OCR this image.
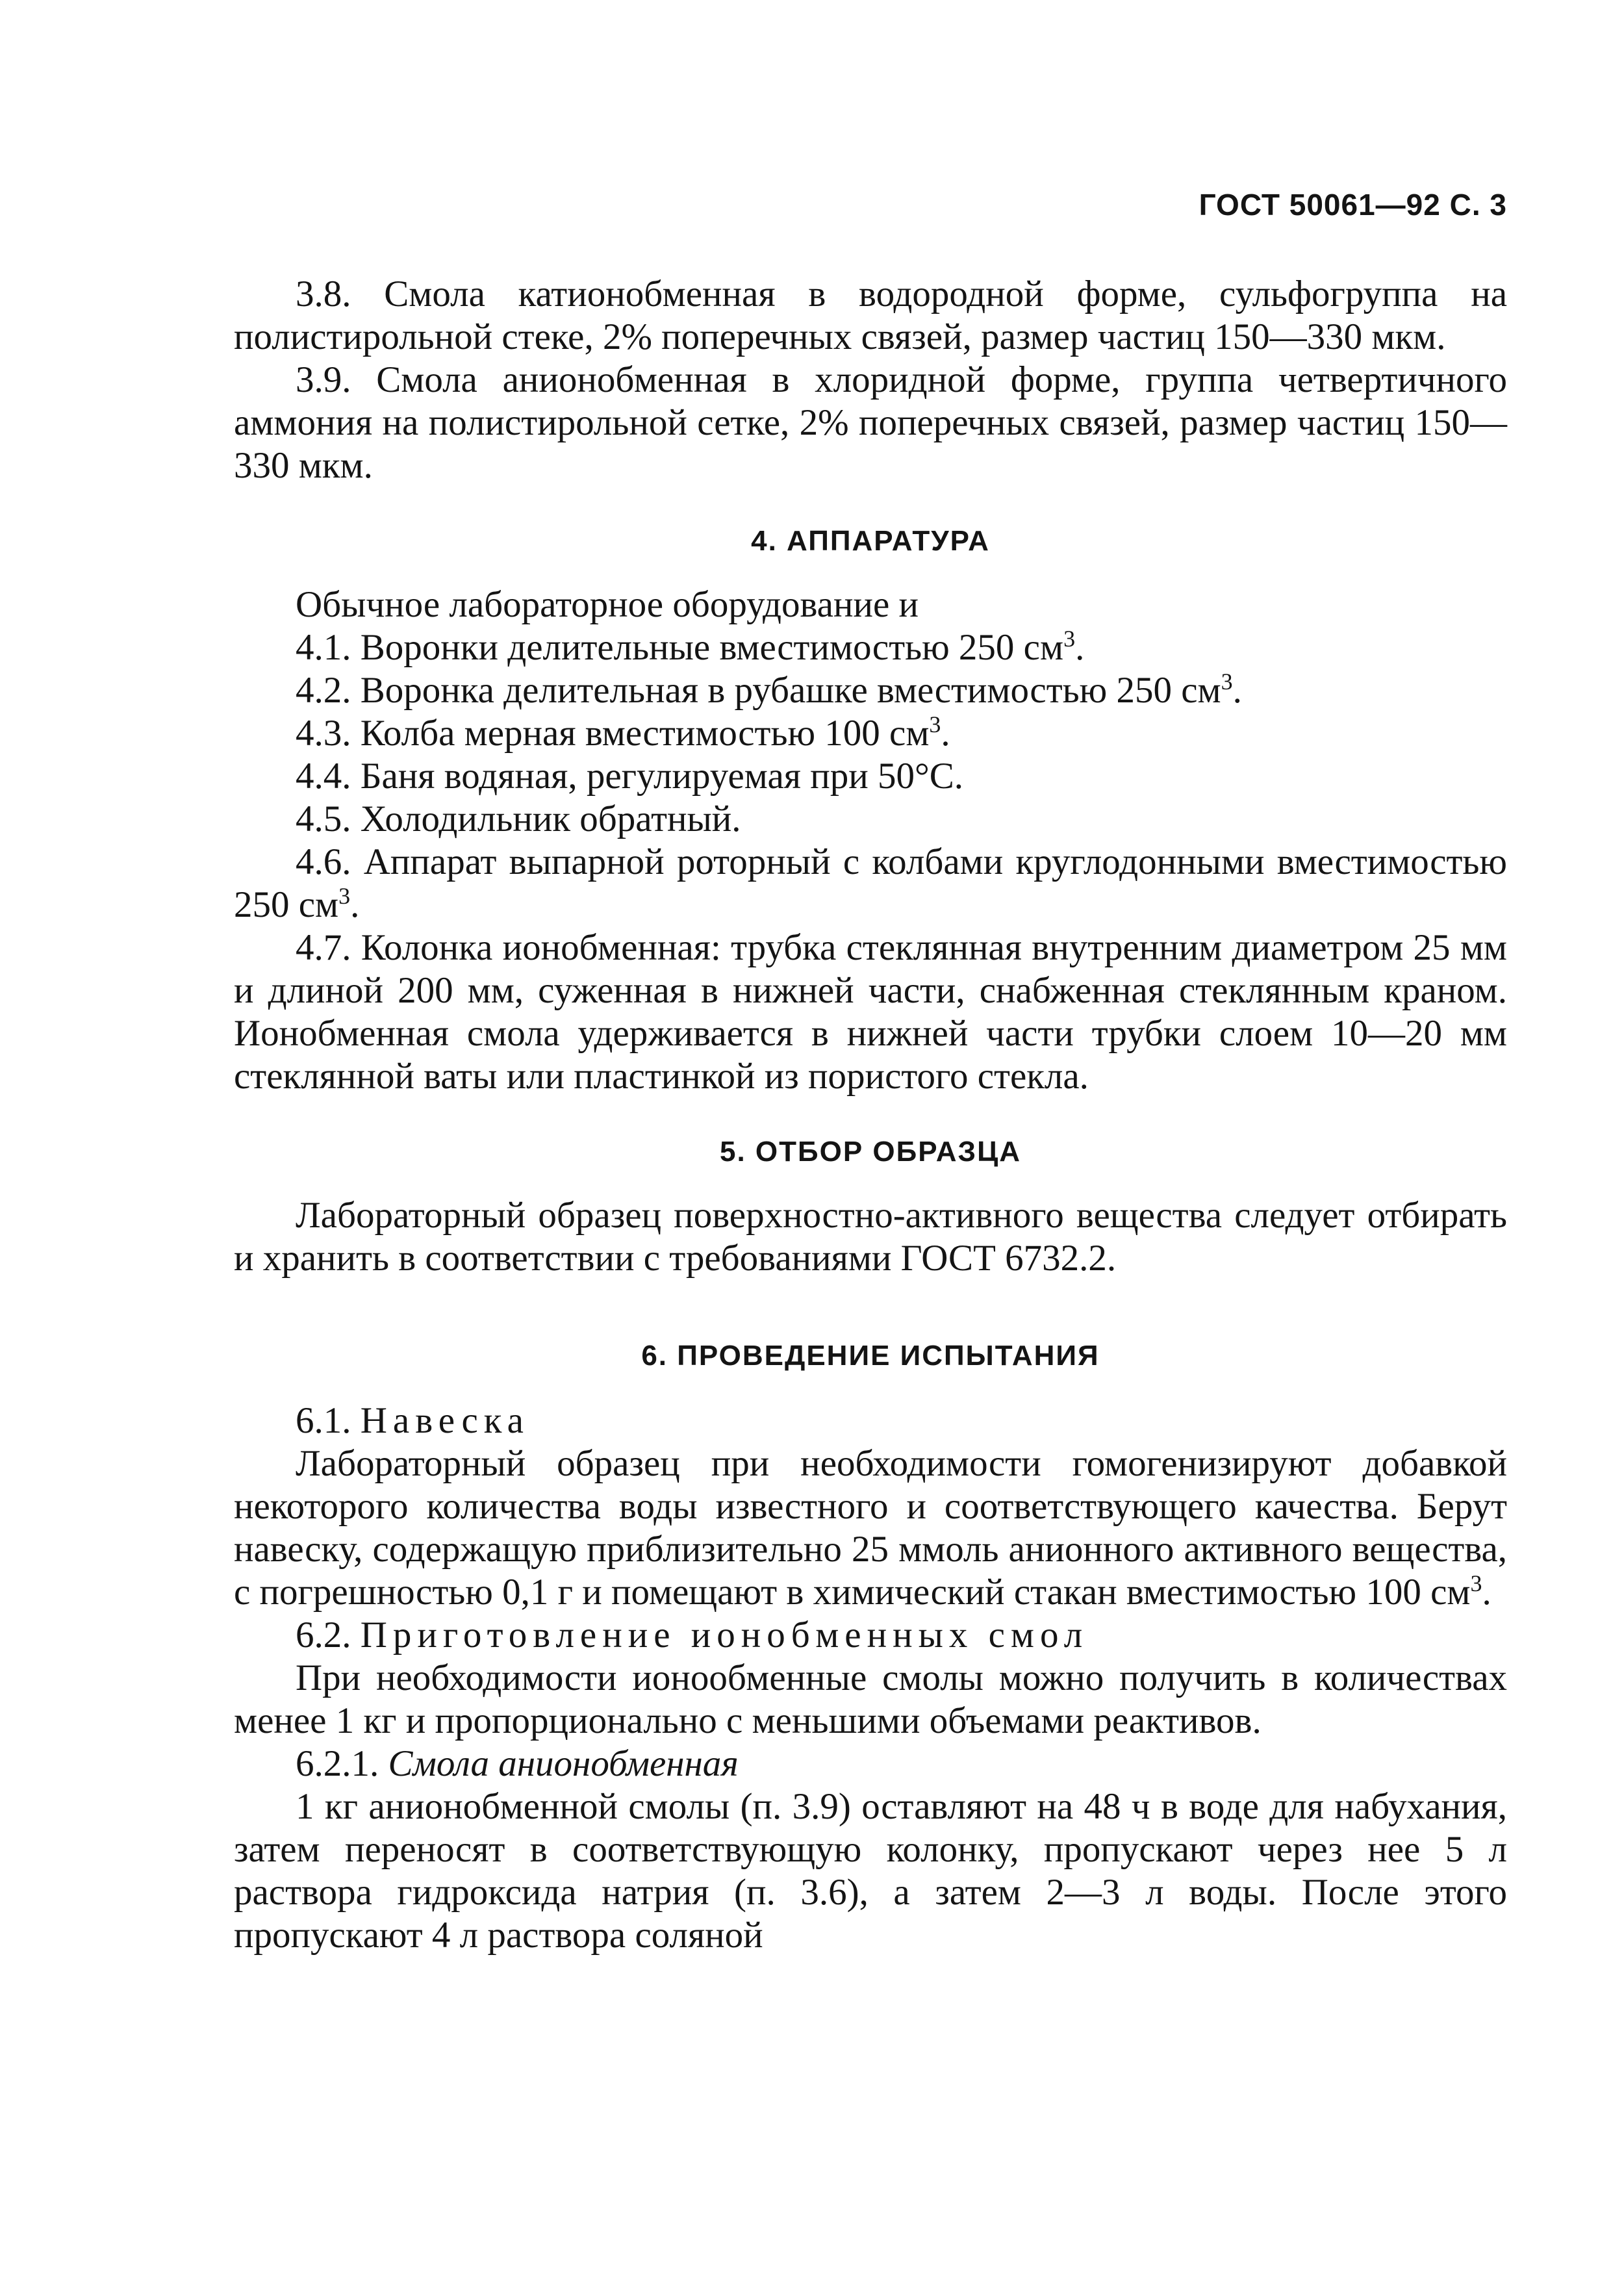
ГОСТ 50061—92 С. 3

3.8. Смола катионобменная в водородной форме, сульфогруппа на полистирольной стеке, 2% поперечных связей, размер частиц 150—330 мкм.

3.9. Смола анионобменная в хлоридной форме, группа четвертичного аммония на полистирольной сетке, 2% поперечных связей, размер частиц 150—330 мкм.

4. АППАРАТУРА

Обычное лабораторное оборудование и

4.1. Воронки делительные вместимостью 250 $см^3$.

4.2. Воронка делительная в рубашке вместимостью 250 $см^3$.

4.3. Колба мерная вместимостью 100 $см^3$.

4.4. Баня водяная, регулируемая при 50°С.

4.5. Холодильник обратный.

4.6. Аппарат выпарной роторный с колбами круглодонными вместимостью 250 $см^3$.

4.7. Колонка ионобменная: трубка стеклянная внутренним диаметром 25 мм и длиной 200 мм, суженная в нижней части, снабженная стеклянным краном. Ионобменная смола удерживается в нижней части трубки слоем 10—20 мм стеклянной ваты или пластинкой из пористого стекла.

5. ОТБОР ОБРАЗЦА

Лабораторный образец поверхностно-активного вещества следует отбирать и хранить в соответствии с требованиями ГОСТ 6732.2.

6. ПРОВЕДЕНИЕ ИСПЫТАНИЯ

6.1. Навеска

Лабораторный образец при необходимости гомогенизируют добавкой некоторого количества воды известного и соответствующего качества. Берут навеску, содержащую приблизительно 25 ммоль анионного активного вещества, с погрешностью 0,1 г и помещают в химический стакан вместимостью 100 $см^3$.

6.2. Приготовление ионобменных смол

При необходимости ионообменные смолы можно получить в количествах менее 1 кг и пропорционально с меньшими объемами реактивов.

6.2.1. Смола анионобменная

1 кг анионобменной смолы (п. 3.9) оставляют на 48 ч в воде для набухания, затем переносят в соответствующую колонку, пропускают через нее 5 л раствора гидроксида натрия (п. 3.6), а затем 2—3 л воды. После этого пропускают 4 л раствора соляной
